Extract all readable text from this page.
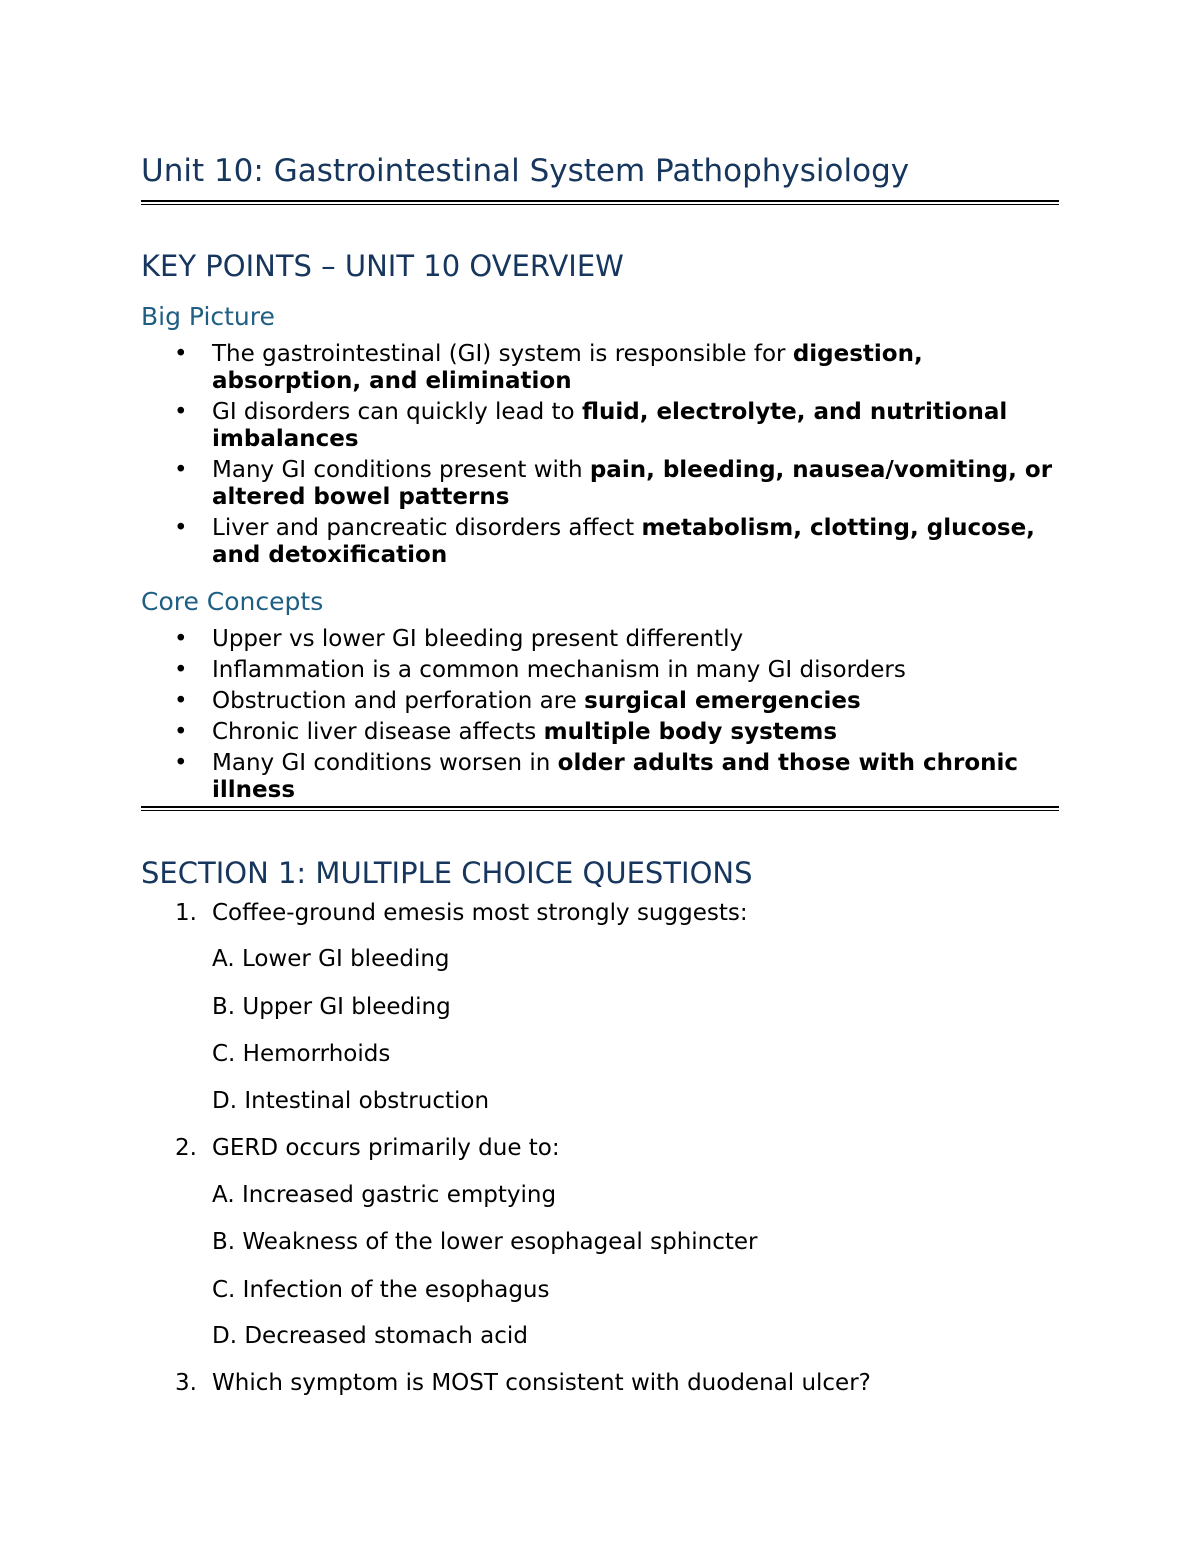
Unit 10: Gastrointestinal System Pathophysiology
KEY POINTS – UNIT 10 OVERVIEW
Big Picture
• The gastrointestinal (GI) system is responsible for digestion, absorption, and elimination
• GI disorders can quickly lead to fluid, electrolyte, and nutritional imbalances
• Many GI conditions present with pain, bleeding, nausea/vomiting, or altered bowel patterns
• Liver and pancreatic disorders affect metabolism, clotting, glucose, and detoxification
Core Concepts
• Upper vs lower GI bleeding present differently
• Inflammation is a common mechanism in many GI disorders
• Obstruction and perforation are surgical emergencies
• Chronic liver disease affects multiple body systems
• Many GI conditions worsen in older adults and those with chronic illness
SECTION 1: MULTIPLE CHOICE QUESTIONS
1. Coffee-ground emesis most strongly suggests:
A. Lower GI bleeding
B. Upper GI bleeding
C. Hemorrhoids
D. Intestinal obstruction
2. GERD occurs primarily due to:
A. Increased gastric emptying
B. Weakness of the lower esophageal sphincter
C. Infection of the esophagus
D. Decreased stomach acid
3. Which symptom is MOST consistent with duodenal ulcer?
